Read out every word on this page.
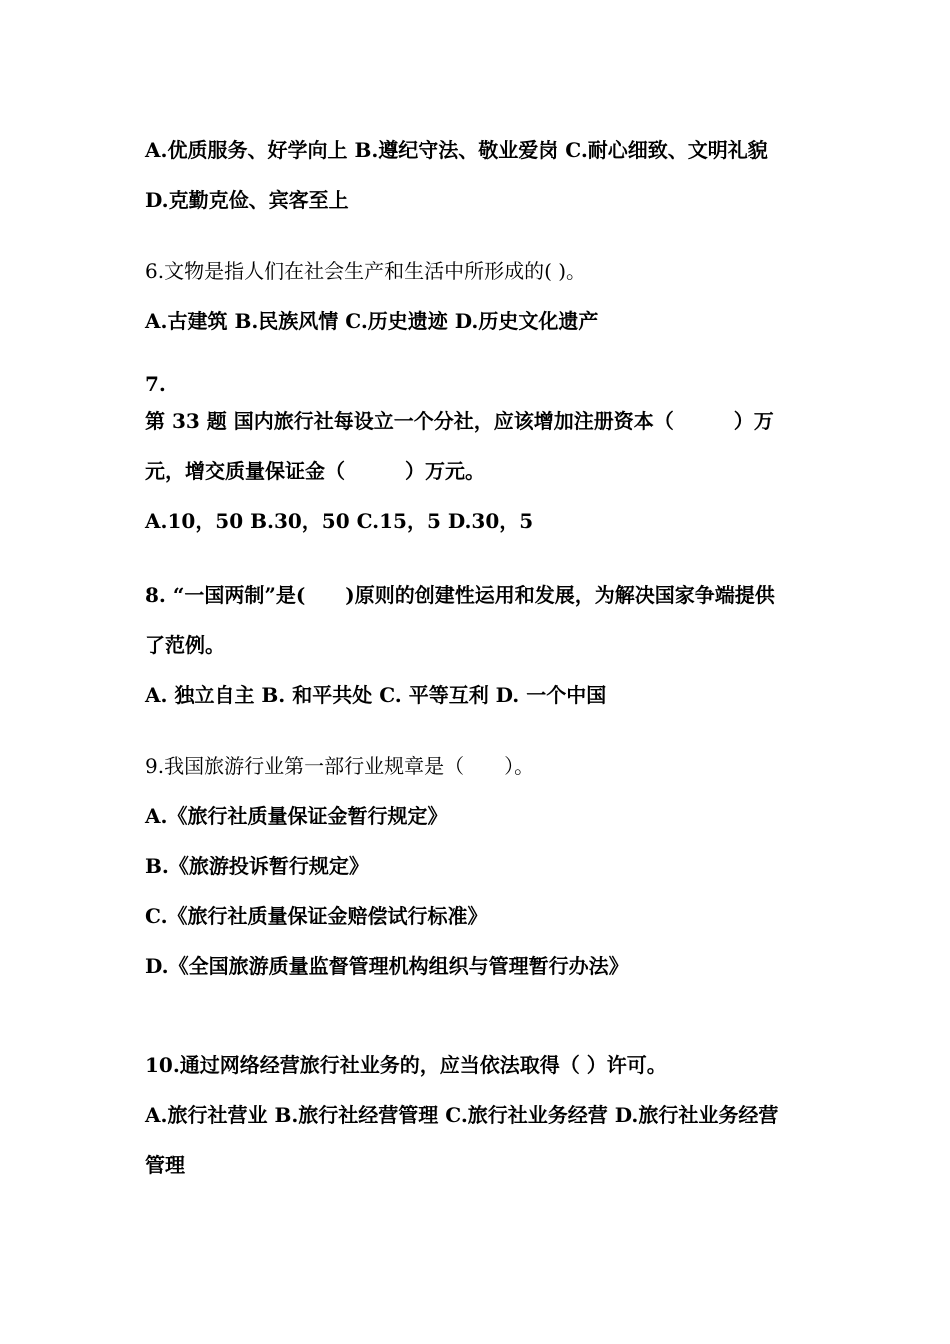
A.优质服务、好学向上 B.遵纪守法、敬业爱岗 C.耐心细致、文明礼貌
D.克勤克俭、宾客至上
6.文物是指人们在社会生产和生活中所形成的( )。
A.古建筑 B.民族风情 C.历史遗迹 D.历史文化遗产
7.
第 33 题 国内旅行社每设立一个分社，应该增加注册资本（　　　）万
元，增交质量保证金（　　　）万元。
A.10，50 B.30，50 C.15，5 D.30，5
8. “一国两制”是(　　)原则的创建性运用和发展，为解决国家争端提供
了范例。
A. 独立自主 B. 和平共处 C. 平等互利 D. 一个中国
9.我国旅游行业第一部行业规章是（　　）。
A.《旅行社质量保证金暂行规定》
B.《旅游投诉暂行规定》
C.《旅行社质量保证金赔偿试行标准》
D.《全国旅游质量监督管理机构组织与管理暂行办法》
10.通过网络经营旅行社业务的，应当依法取得（ ）许可。
A.旅行社营业 B.旅行社经营管理 C.旅行社业务经营 D.旅行社业务经营
管理
